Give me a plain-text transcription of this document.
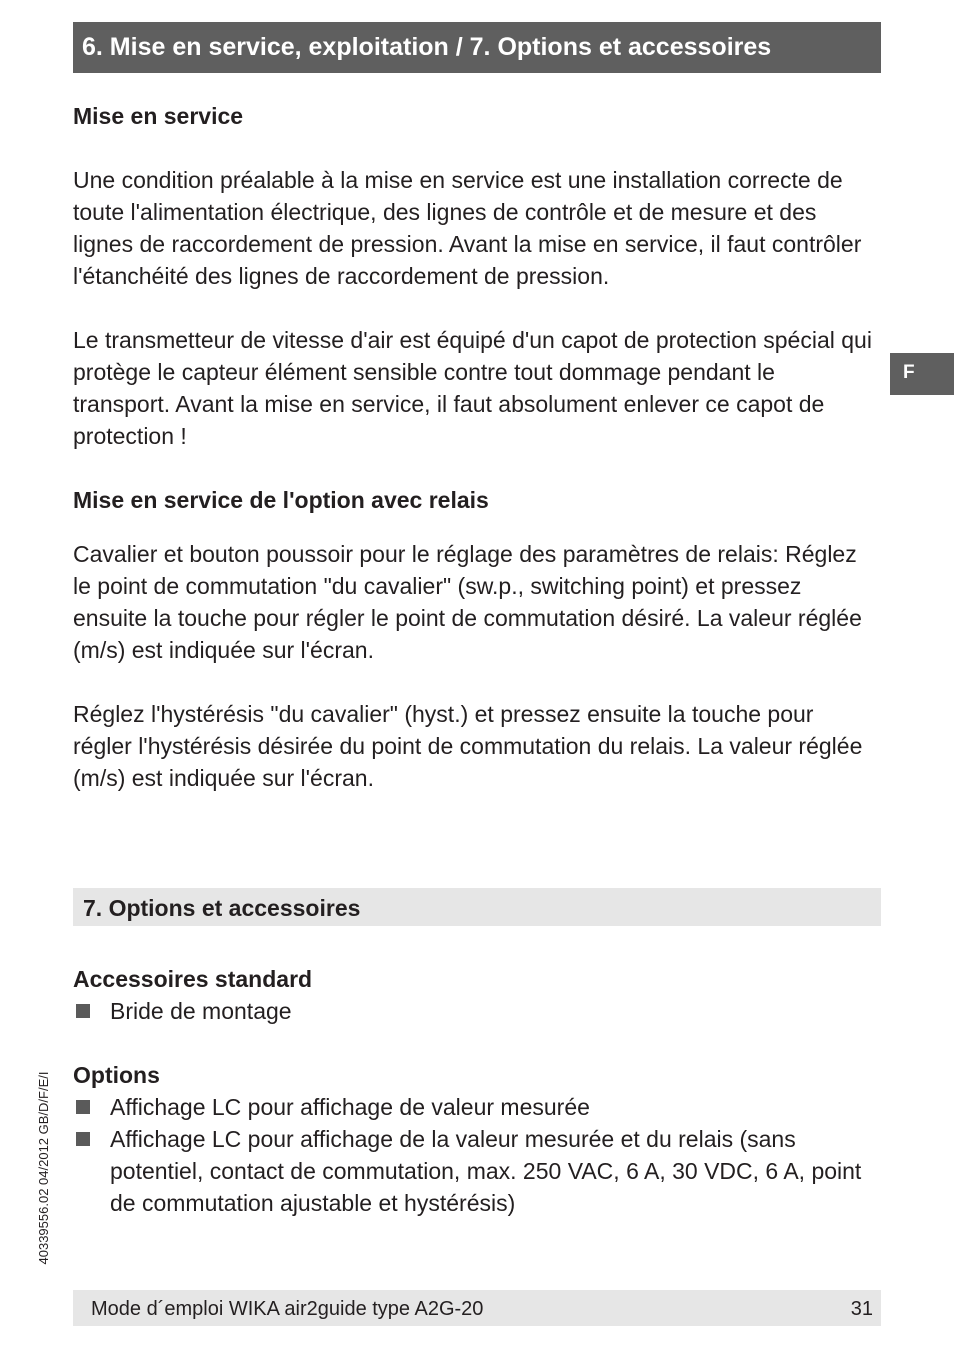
6. Mise en service, exploitation / 7. Options et accessoires
Mise en service

Une condition préalable à la mise en service est une installation correcte de toute l'alimentation électrique, des lignes de contrôle et de mesure et des lignes de raccordement de pression. Avant la mise en service, il faut contrôler l'étanchéité des lignes de raccordement de pression.

Le transmetteur de vitesse d'air est équipé d'un capot de protection spécial qui protège le capteur élément sensible contre tout dommage pendant le transport. Avant la mise en service, il faut absolument enlever ce capot de protection !

Mise en service de l'option avec relais

Cavalier et bouton poussoir pour le réglage des paramètres de relais: Réglez le point de commutation "du cavalier" (sw.p., switching point) et pressez ensuite la touche pour régler le point de commutation désiré. La valeur réglée (m/s) est indiquée sur l'écran.

Réglez l'hystérésis "du cavalier" (hyst.) et pressez ensuite la touche pour régler l'hystérésis désirée du point de commutation du relais. La valeur réglée (m/s) est indiquée sur l'écran.

7. Options et accessoires
Accessoires standard
Bride de montage
Options
Affichage LC pour affichage de valeur mesurée
Affichage LC pour affichage de la valeur mesurée et du relais (sans potentiel, contact de commutation, max. 250 VAC, 6 A, 30 VDC, 6 A, point de commutation ajustable et hystérésis)
F
40339556.02 04/2012 GB/D/F/E/I
Mode d´emploi WIKA air2guide type A2G-20	31
